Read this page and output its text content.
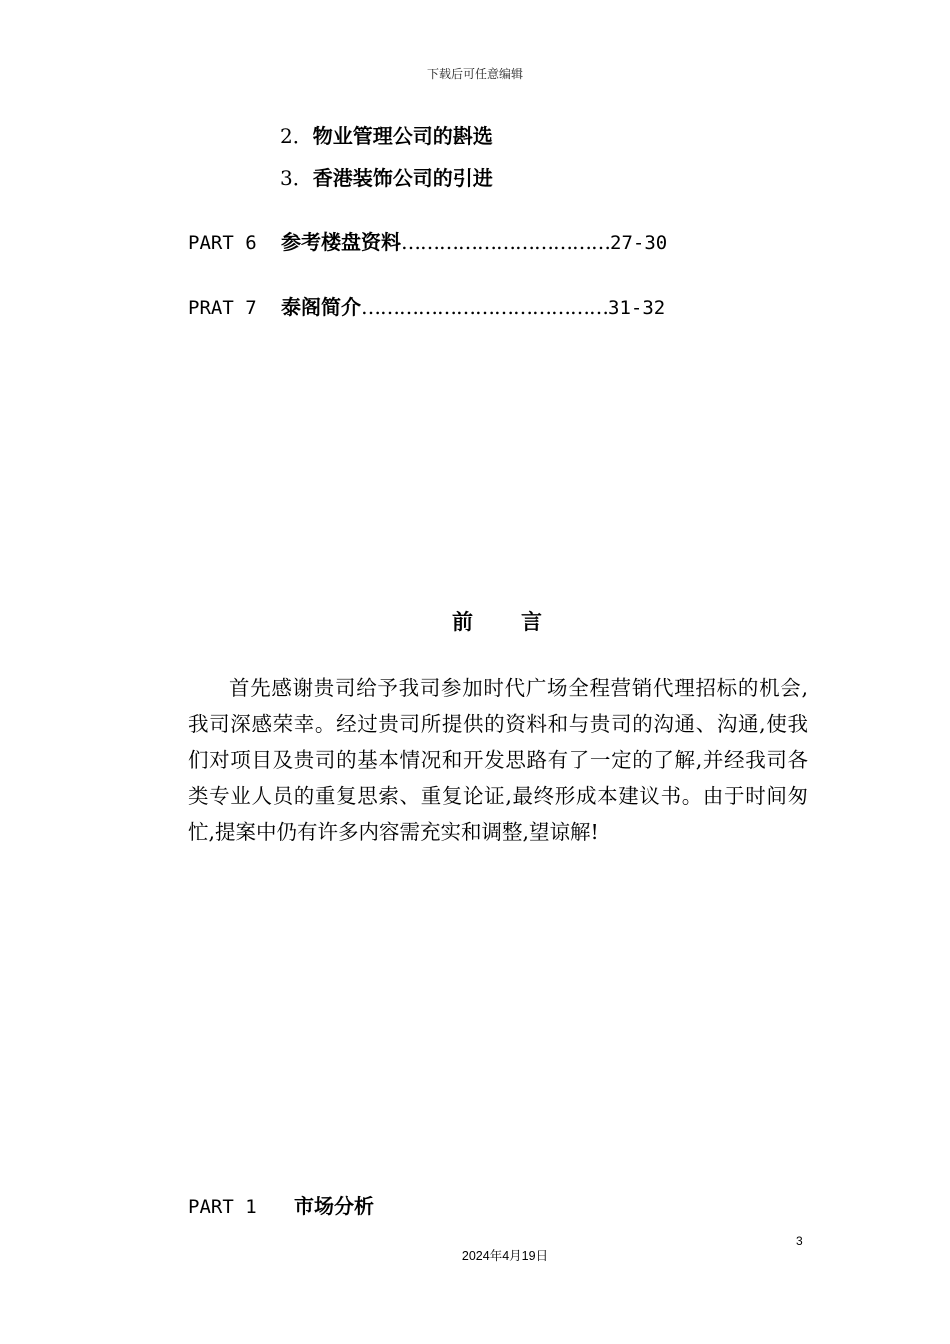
下载后可任意编辑
2．物业管理公司的斟选
3．香港装饰公司的引进
PART 6 参考楼盘资料……………………………27-30
PRAT 7 泰阁简介…………………………………31-32
前　　言

首先感谢贵司给予我司参加时代广场全程营销代理招标的机会,我司深感荣幸。经过贵司所提供的资料和与贵司的沟通、沟通,使我们对项目及贵司的基本情况和开发思路有了一定的了解,并经我司各类专业人员的重复思索、重复论证,最终形成本建议书。由于时间匆忙,提案中仍有许多内容需充实和调整,望谅解!

PART 1 市场分析
3
2024年4月19日
